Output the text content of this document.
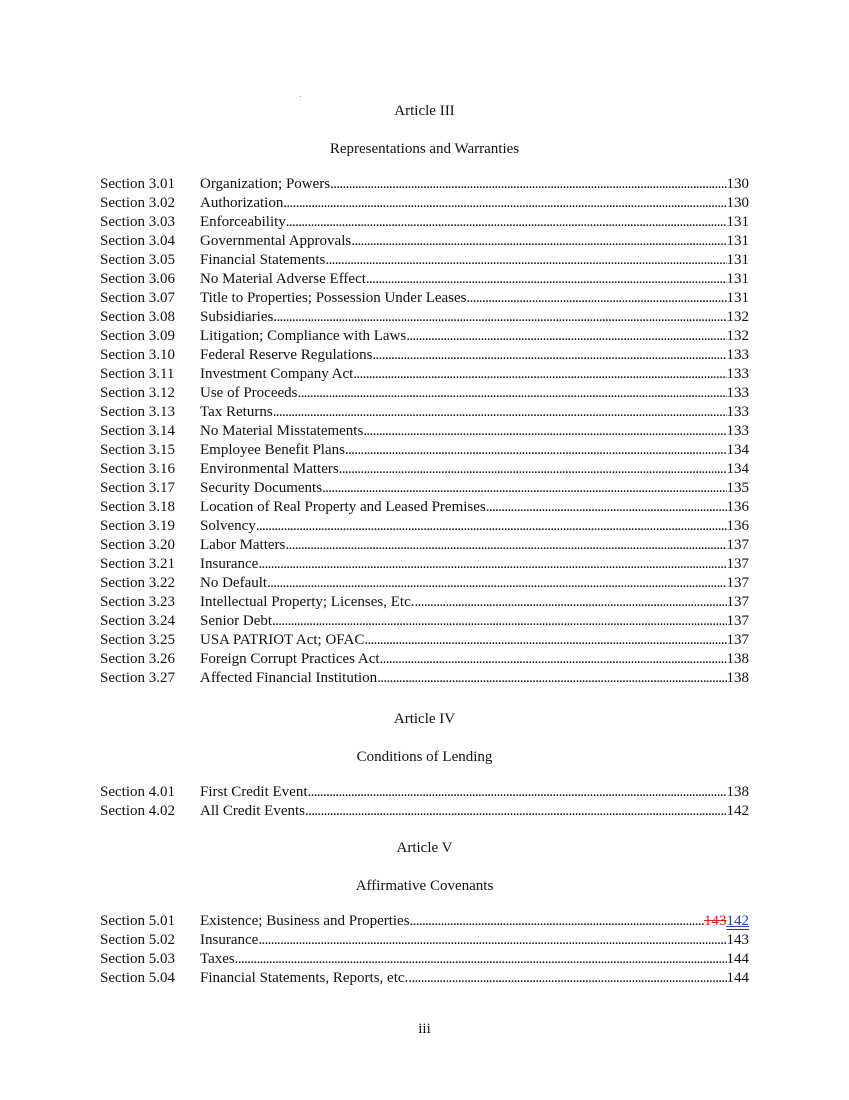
Article III
Representations and Warranties
Section 3.01 Organization; Powers . . .	130
Section 3.02 Authorization . . .	130
Section 3.03 Enforceability . . .	131
Section 3.04 Governmental Approvals . . .	131
Section 3.05 Financial Statements . . .	131
Section 3.06 No Material Adverse Effect . . .	131
Section 3.07 Title to Properties; Possession Under Leases . . .	131
Section 3.08 Subsidiaries . . .	132
Section 3.09 Litigation; Compliance with Laws . . .	132
Section 3.10 Federal Reserve Regulations . . .	133
Section 3.11 Investment Company Act . . .	133
Section 3.12 Use of Proceeds . . .	133
Section 3.13 Tax Returns . . .	133
Section 3.14 No Material Misstatements . . .	133
Section 3.15 Employee Benefit Plans . . .	134
Section 3.16 Environmental Matters . . .	134
Section 3.17 Security Documents . . .	135
Section 3.18 Location of Real Property and Leased Premises . . .	136
Section 3.19 Solvency . . .	136
Section 3.20 Labor Matters . . .	137
Section 3.21 Insurance . . .	137
Section 3.22 No Default . . .	137
Section 3.23 Intellectual Property; Licenses, Etc. . . .	137
Section 3.24 Senior Debt . . .	137
Section 3.25 USA PATRIOT Act; OFAC . . .	137
Section 3.26 Foreign Corrupt Practices Act . . .	138
Section 3.27 Affected Financial Institution . . .	138
Article IV
Conditions of Lending
Section 4.01 First Credit Event . . .	138
Section 4.02 All Credit Events . . .	142
Article V
Affirmative Covenants
Section 5.01 Existence; Business and Properties . . .	143142
Section 5.02 Insurance . . .	143
Section 5.03 Taxes . . .	144
Section 5.04 Financial Statements, Reports, etc. . . .	144
iii
